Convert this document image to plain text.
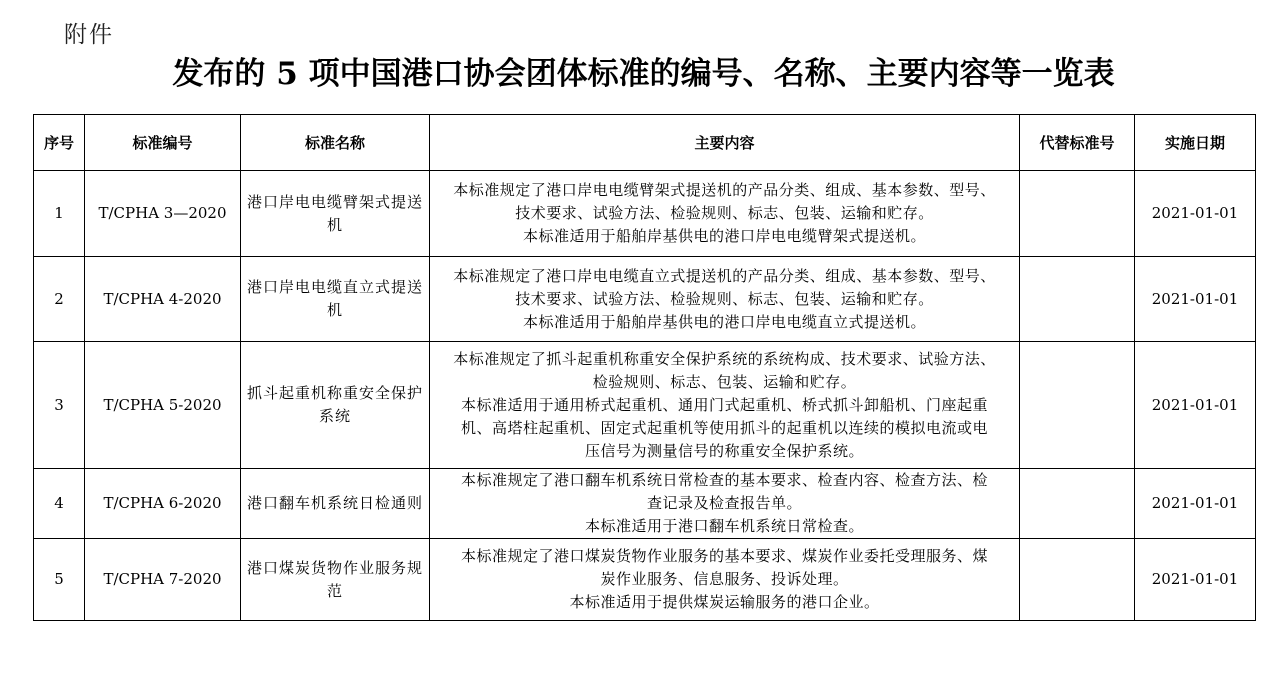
附件
发布的 5 项中国港口协会团体标准的编号、名称、主要内容等一览表
序号	标准编号	标准名称	主要内容	代替标准号	实施日期
1	T/CPHA 3—2020	港口岸电电缆臂架式提送机	本标准规定了港口岸电电缆臂架式提送机的产品分类、组成、基本参数、型号、
技术要求、试验方法、检验规则、标志、包装、运输和贮存。
本标准适用于船舶岸基供电的港口岸电电缆臂架式提送机。		2021-01-01
2	T/CPHA 4-2020	港口岸电电缆直立式提送机	本标准规定了港口岸电电缆直立式提送机的产品分类、组成、基本参数、型号、
技术要求、试验方法、检验规则、标志、包装、运输和贮存。
本标准适用于船舶岸基供电的港口岸电电缆直立式提送机。		2021-01-01
3	T/CPHA 5-2020	抓斗起重机称重安全保护系统	本标准规定了抓斗起重机称重安全保护系统的系统构成、技术要求、试验方法、
检验规则、标志、包装、运输和贮存。
本标准适用于通用桥式起重机、通用门式起重机、桥式抓斗卸船机、门座起重
机、高塔柱起重机、固定式起重机等使用抓斗的起重机以连续的模拟电流或电
压信号为测量信号的称重安全保护系统。		2021-01-01
4	T/CPHA 6-2020	港口翻车机系统日检通则	本标准规定了港口翻车机系统日常检查的基本要求、检查内容、检查方法、检
查记录及检查报告单。
本标准适用于港口翻车机系统日常检查。		2021-01-01
5	T/CPHA 7-2020	港口煤炭货物作业服务规范	本标准规定了港口煤炭货物作业服务的基本要求、煤炭作业委托受理服务、煤
炭作业服务、信息服务、投诉处理。
本标准适用于提供煤炭运输服务的港口企业。		2021-01-01
